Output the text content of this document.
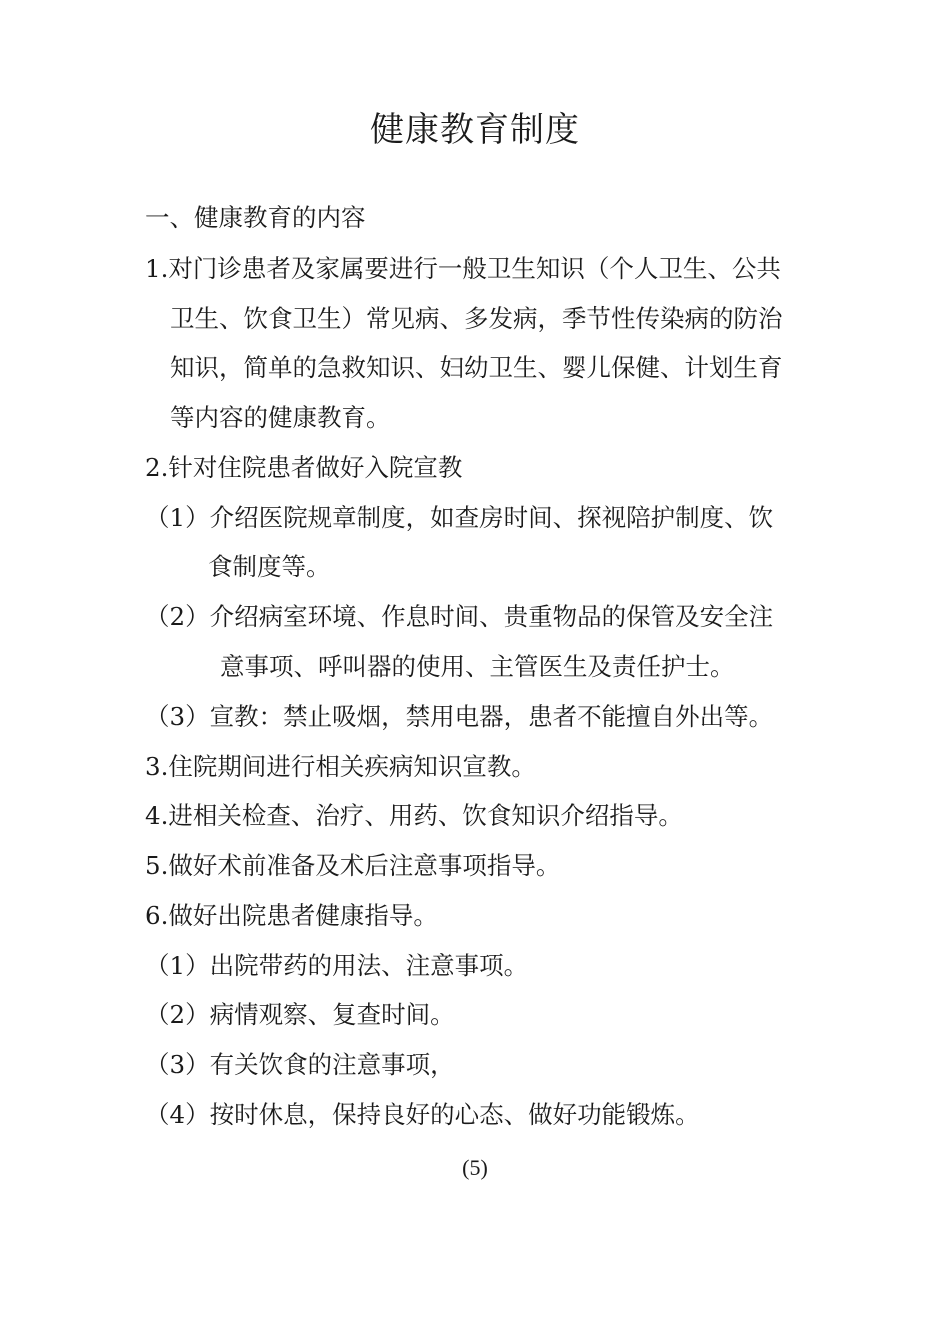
健康教育制度

一、健康教育的内容

1.对门诊患者及家属要进行一般卫生知识（个人卫生、公共

卫生、饮食卫生）常见病、多发病，季节性传染病的防治

知识，简单的急救知识、妇幼卫生、婴儿保健、计划生育

等内容的健康教育。

2.针对住院患者做好入院宣教

（1）介绍医院规章制度，如查房时间、探视陪护制度、饮

食制度等。

（2）介绍病室环境、作息时间、贵重物品的保管及安全注

意事项、呼叫器的使用、主管医生及责任护士。

（3）宣教：禁止吸烟，禁用电器，患者不能擅自外出等。

3.住院期间进行相关疾病知识宣教。

4.进相关检查、治疗、用药、饮食知识介绍指导。

5.做好术前准备及术后注意事项指导。

6.做好出院患者健康指导。

（1）出院带药的用法、注意事项。

（2）病情观察、复查时间。

（3）有关饮食的注意事项，

（4）按时休息，保持良好的心态、做好功能锻炼。

(5)
